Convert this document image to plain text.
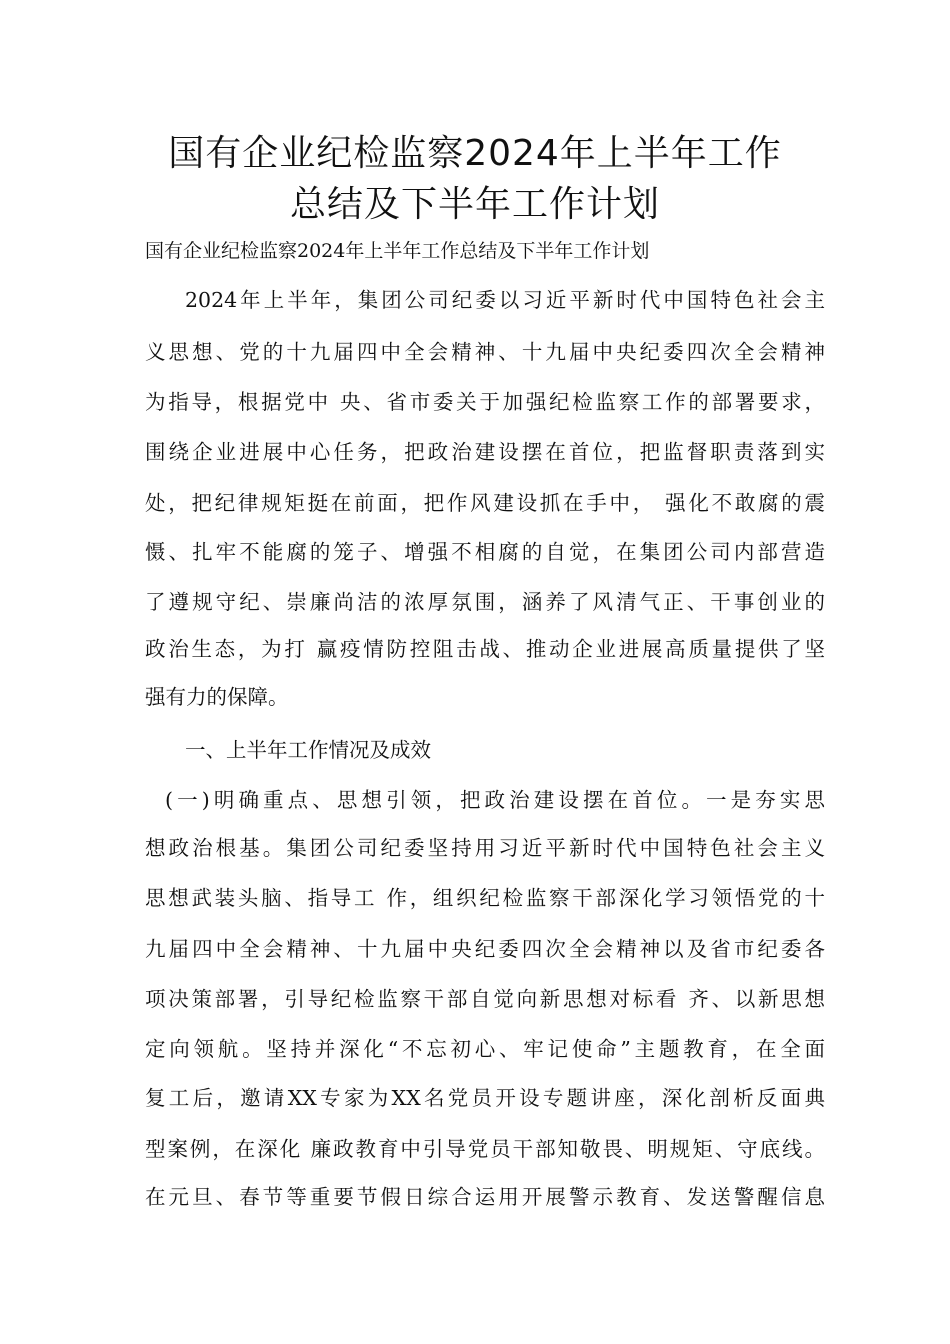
国有企业纪检监察2024年上半年工作
总结及下半年工作计划
国有企业纪检监察2024年上半年工作总结及下半年工作计划
2024年上半年，集团公司纪委以习近平新时代中国特色社会主
义思想、党的十九届四中全会精神、十九届中央纪委四次全会精神
为指导，根据党中 央、省市委关于加强纪检监察工作的部署要求，
围绕企业进展中心任务，把政治建设摆在首位，把监督职责落到实
处，把纪律规矩挺在前面，把作风建设抓在手中， 强化不敢腐的震
慑、扎牢不能腐的笼子、增强不相腐的自觉，在集团公司内部营造
了遵规守纪、崇廉尚洁的浓厚氛围，涵养了风清气正、干事创业的
政治生态，为打 赢疫情防控阻击战、推动企业进展高质量提供了坚
强有力的保障。
一、上半年工作情况及成效
(一)明确重点、思想引领，把政治建设摆在首位。一是夯实思
想政治根基。集团公司纪委坚持用习近平新时代中国特色社会主义
思想武装头脑、指导工 作，组织纪检监察干部深化学习领悟党的十
九届四中全会精神、十九届中央纪委四次全会精神以及省市纪委各
项决策部署，引导纪检监察干部自觉向新思想对标看 齐、以新思想
定向领航。坚持并深化“不忘初心、牢记使命”主题教育，在全面
复工后，邀请XX专家为XX名党员开设专题讲座，深化剖析反面典
型案例，在深化 廉政教育中引导党员干部知敬畏、明规矩、守底线。
在元旦、春节等重要节假日综合运用开展警示教育、发送警醒信息
